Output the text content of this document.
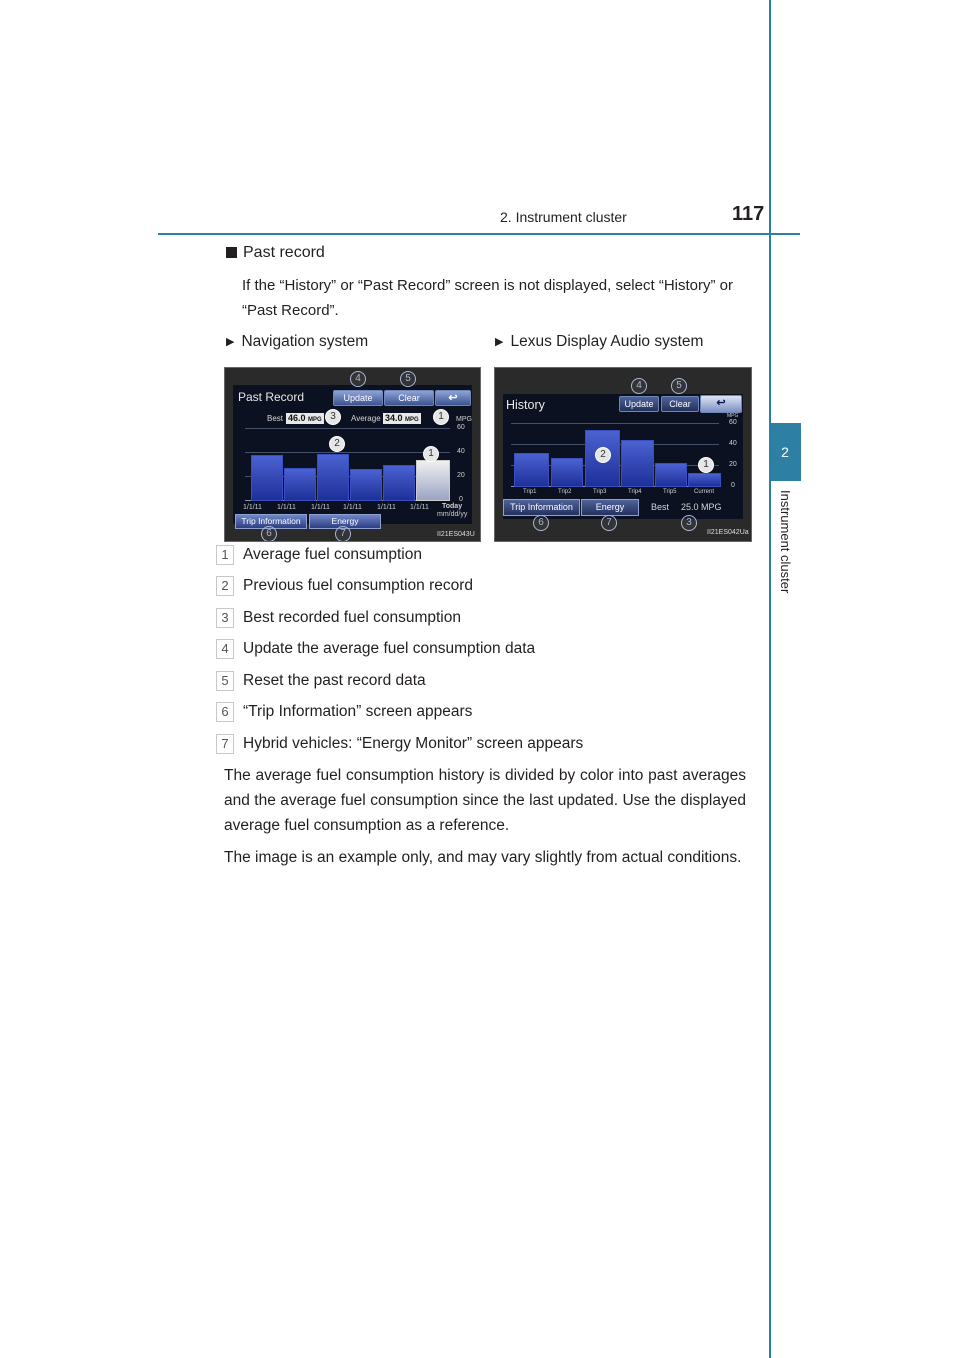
2. Instrument cluster	117
2
Instrument cluster
Past record
If the “History” or “Past Record” screen is not displayed, select “History” or “Past Record”.
▶ Navigation system	▶ Lexus Display Audio system
Past Record	Update	Clear	↩
Best 46.0 MPG	Average 34.0 MPG	MPG
60
40
20
0
1/1/11 1/1/11 1/1/11 1/1/11 1/1/11 1/1/11 Today
mm/dd/yy
Trip Information	Energy
4	5
3	1
2
1
6	7	II21ES043U
History	Update	Clear	↩
MPG
60
40
20
0
Trip1	Trip2	Trip3	Trip4	Trip5	Current
Trip Information	Energy	Best 25.0 MPG
4	5
2
1
6	7	3
II21ES042Ua
1 Average fuel consumption
2 Previous fuel consumption record
3 Best recorded fuel consumption
4 Update the average fuel consumption data
5 Reset the past record data
6 “Trip Information” screen appears
7 Hybrid vehicles: “Energy Monitor” screen appears
The average fuel consumption history is divided by color into past averages and the average fuel consumption since the last updated. Use the displayed average fuel consumption as a reference.
The image is an example only, and may vary slightly from actual conditions.
